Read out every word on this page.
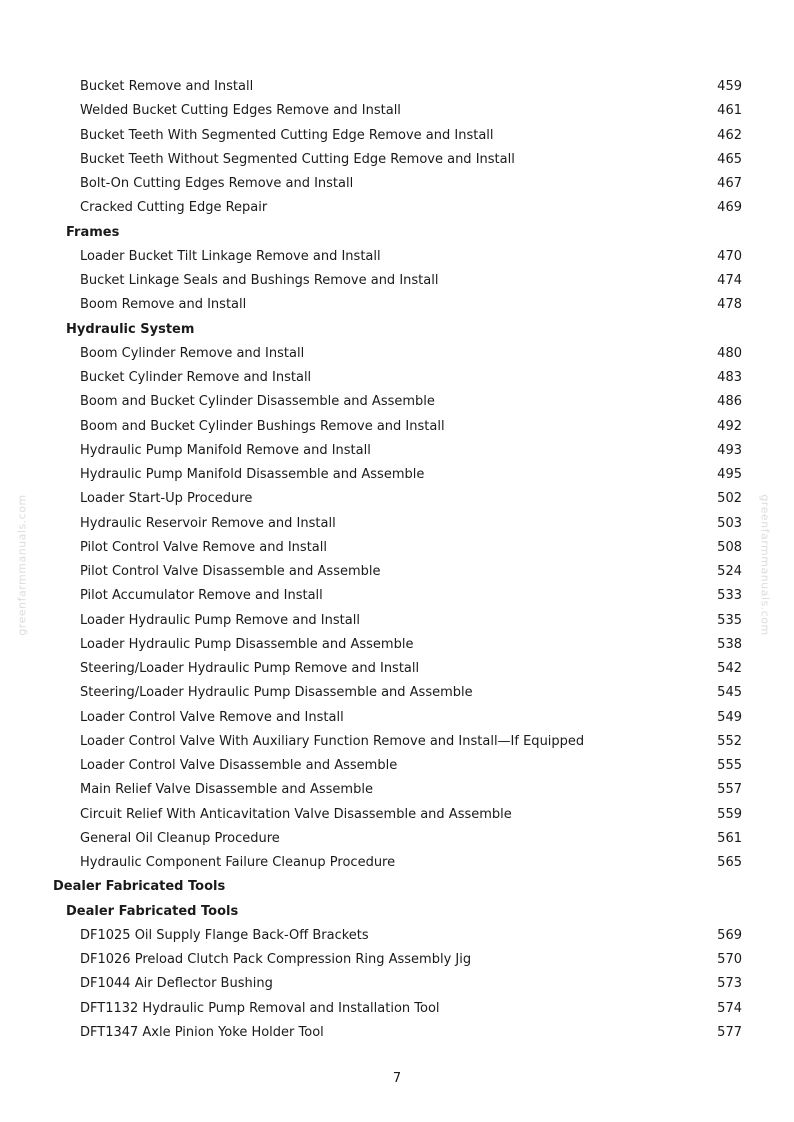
Bucket Remove and Install	459
Welded Bucket Cutting Edges Remove and Install	461
Bucket Teeth With Segmented Cutting Edge Remove and Install	462
Bucket Teeth Without Segmented Cutting Edge Remove and Install	465
Bolt-On Cutting Edges Remove and Install	467
Cracked Cutting Edge Repair	469
Frames
Loader Bucket Tilt Linkage Remove and Install	470
Bucket Linkage Seals and Bushings Remove and Install	474
Boom Remove and Install	478
Hydraulic System
Boom Cylinder Remove and Install	480
Bucket Cylinder Remove and Install	483
Boom and Bucket Cylinder Disassemble and Assemble	486
Boom and Bucket Cylinder Bushings Remove and Install	492
Hydraulic Pump Manifold Remove and Install	493
Hydraulic Pump Manifold Disassemble and Assemble	495
Loader Start-Up Procedure	502
Hydraulic Reservoir Remove and Install	503
Pilot Control Valve Remove and Install	508
Pilot Control Valve Disassemble and Assemble	524
Pilot Accumulator Remove and Install	533
Loader Hydraulic Pump Remove and Install	535
Loader Hydraulic Pump Disassemble and Assemble	538
Steering/Loader Hydraulic Pump Remove and Install	542
Steering/Loader Hydraulic Pump Disassemble and Assemble	545
Loader Control Valve Remove and Install	549
Loader Control Valve With Auxiliary Function Remove and Install—If Equipped	552
Loader Control Valve Disassemble and Assemble	555
Main Relief Valve Disassemble and Assemble	557
Circuit Relief With Anticavitation Valve Disassemble and Assemble	559
General Oil Cleanup Procedure	561
Hydraulic Component Failure Cleanup Procedure	565
Dealer Fabricated Tools
Dealer Fabricated Tools
DF1025 Oil Supply Flange Back-Off Brackets	569
DF1026 Preload Clutch Pack Compression Ring Assembly Jig	570
DF1044 Air Deflector Bushing	573
DFT1132 Hydraulic Pump Removal and Installation Tool	574
DFT1347 Axle Pinion Yoke Holder Tool	577
7
greenfarmmanuals.com	greenfarmmanuals.com
